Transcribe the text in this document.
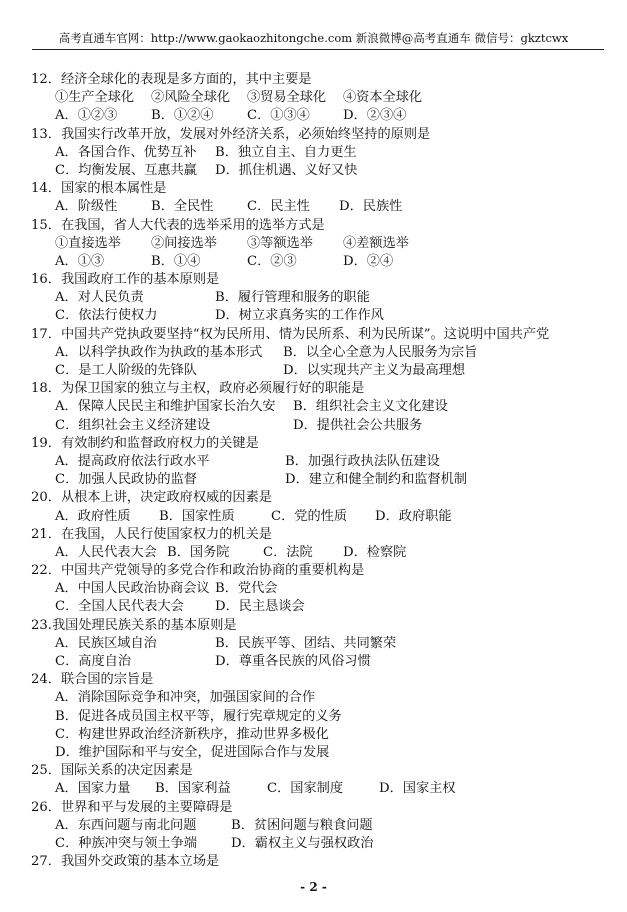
高考直通车官网：http://www.gaokaozhitongche.com 新浪微博@高考直通车 微信号：gkztcwx
12．经济全球化的表现是多方面的，其中主要是
①生产全球化 ②风险全球化 ③贸易全球化 ④资本全球化
A．①②③	B．①②④	C．①③④	D．②③④
13．我国实行改革开放，发展对外经济关系，必须始终坚持的原则是
A．各国合作、优势互补 B．独立自主、自力更生
C．均衡发展、互惠共赢 D．抓住机遇、义好又快
14．国家的根本属性是
A．阶级性	B．全民性	C．民主性 D．民族性
15．在我国，省人大代表的选举采用的选举方式是
①直接选举 ②间接选举 ③等额选举 ④差额选举
A．①③	B．①④	C．②③	D．②④
16．我国政府工作的基本原则是
A．对人民负责	B．履行管理和服务的职能
C．依法行使权力	D．树立求真务实的工作作风
17．中国共产党执政要坚持“权为民所用、情为民所系、利为民所谋”。这说明中国共产党
A．以科学执政作为执政的基本形式 B．以全心全意为人民服务为宗旨
C．是工人阶级的先锋队	D．以实现共产主义为最高理想
18．为保卫国家的独立与主权，政府必须履行好的职能是
A．保障人民民主和维护国家长治久安 B．组织社会主义文化建设
C．组织社会主义经济建设	D．提供社会公共服务
19．有效制约和监督政府权力的关键是
A．提高政府依法行政水平	B．加强行政执法队伍建设
C．加强人民政协的监督	D．建立和健全制约和监督机制
20．从根本上讲，决定政府权威的因素是
A．政府性质 B．国家性质	C．党的性质 D．政府职能
21．在我国，人民行使国家权力的机关是
A．人民代表大会 B．国务院	C．法院 D．检察院
22．中国共产党领导的多党合作和政治协商的重要机构是
A．中国人民政治协商会议 B．党代会
C．全国人民代表大会 D．民主恳谈会
23.我国处理民族关系的基本原则是
A．民族区域自治	B．民族平等、团结、共同繁荣
C．高度自治	D．尊重各民族的风俗习惯
24．联合国的宗旨是
A．消除国际竞争和冲突，加强国家间的合作
B．促进各成员国主权平等，履行宪章规定的义务
C．构建世界政治经济新秩序，推动世界多极化
D．维护国际和平与安全，促进国际合作与发展
25．国际关系的决定因素是
A．国家力量 B．国家利益	C．国家制度	D．国家主权
26．世界和平与发展的主要障碍是
A．东西问题与南北问题	B．贫困问题与粮食问题
C．种族冲突与领土争端	D．霸权主义与强权政治
27．我国外交政策的基本立场是
- 2 -
